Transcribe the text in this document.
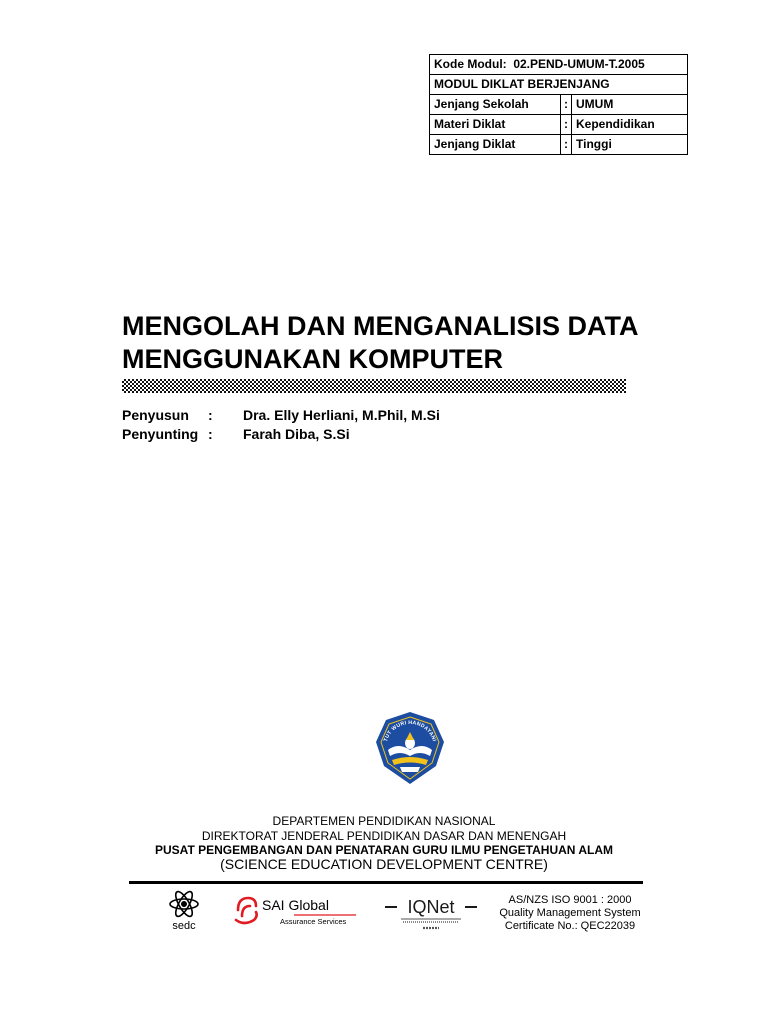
Kode Modul: 02.PEND-UMUM-T.2005		
MODUL DIKLAT BERJENJANG		
Jenjang Sekolah	:	UMUM
Materi Diklat	:	Kependidikan
Jenjang Diklat	:	Tinggi
MENGOLAH DAN MENGANALISIS DATA
MENGGUNAKAN KOMPUTER
Penyusun : Dra. Elly Herliani, M.Phil, M.Si
Penyunting : Farah Diba, S.Si
TUT WURI HANDAYANI
DEPARTEMEN PENDIDIKAN NASIONAL
DIREKTORAT JENDERAL PENDIDIKAN DASAR DAN MENENGAH
PUSAT PENGEMBANGAN DAN PENATARAN GURU ILMU PENGETAHUAN ALAM
(SCIENCE EDUCATION DEVELOPMENT CENTRE)
sedc
SAI Global
Assurance Services
IQNet	AS/NZS ISO 9001 : 2000
Quality Management System
Certificate No.: QEC22039
